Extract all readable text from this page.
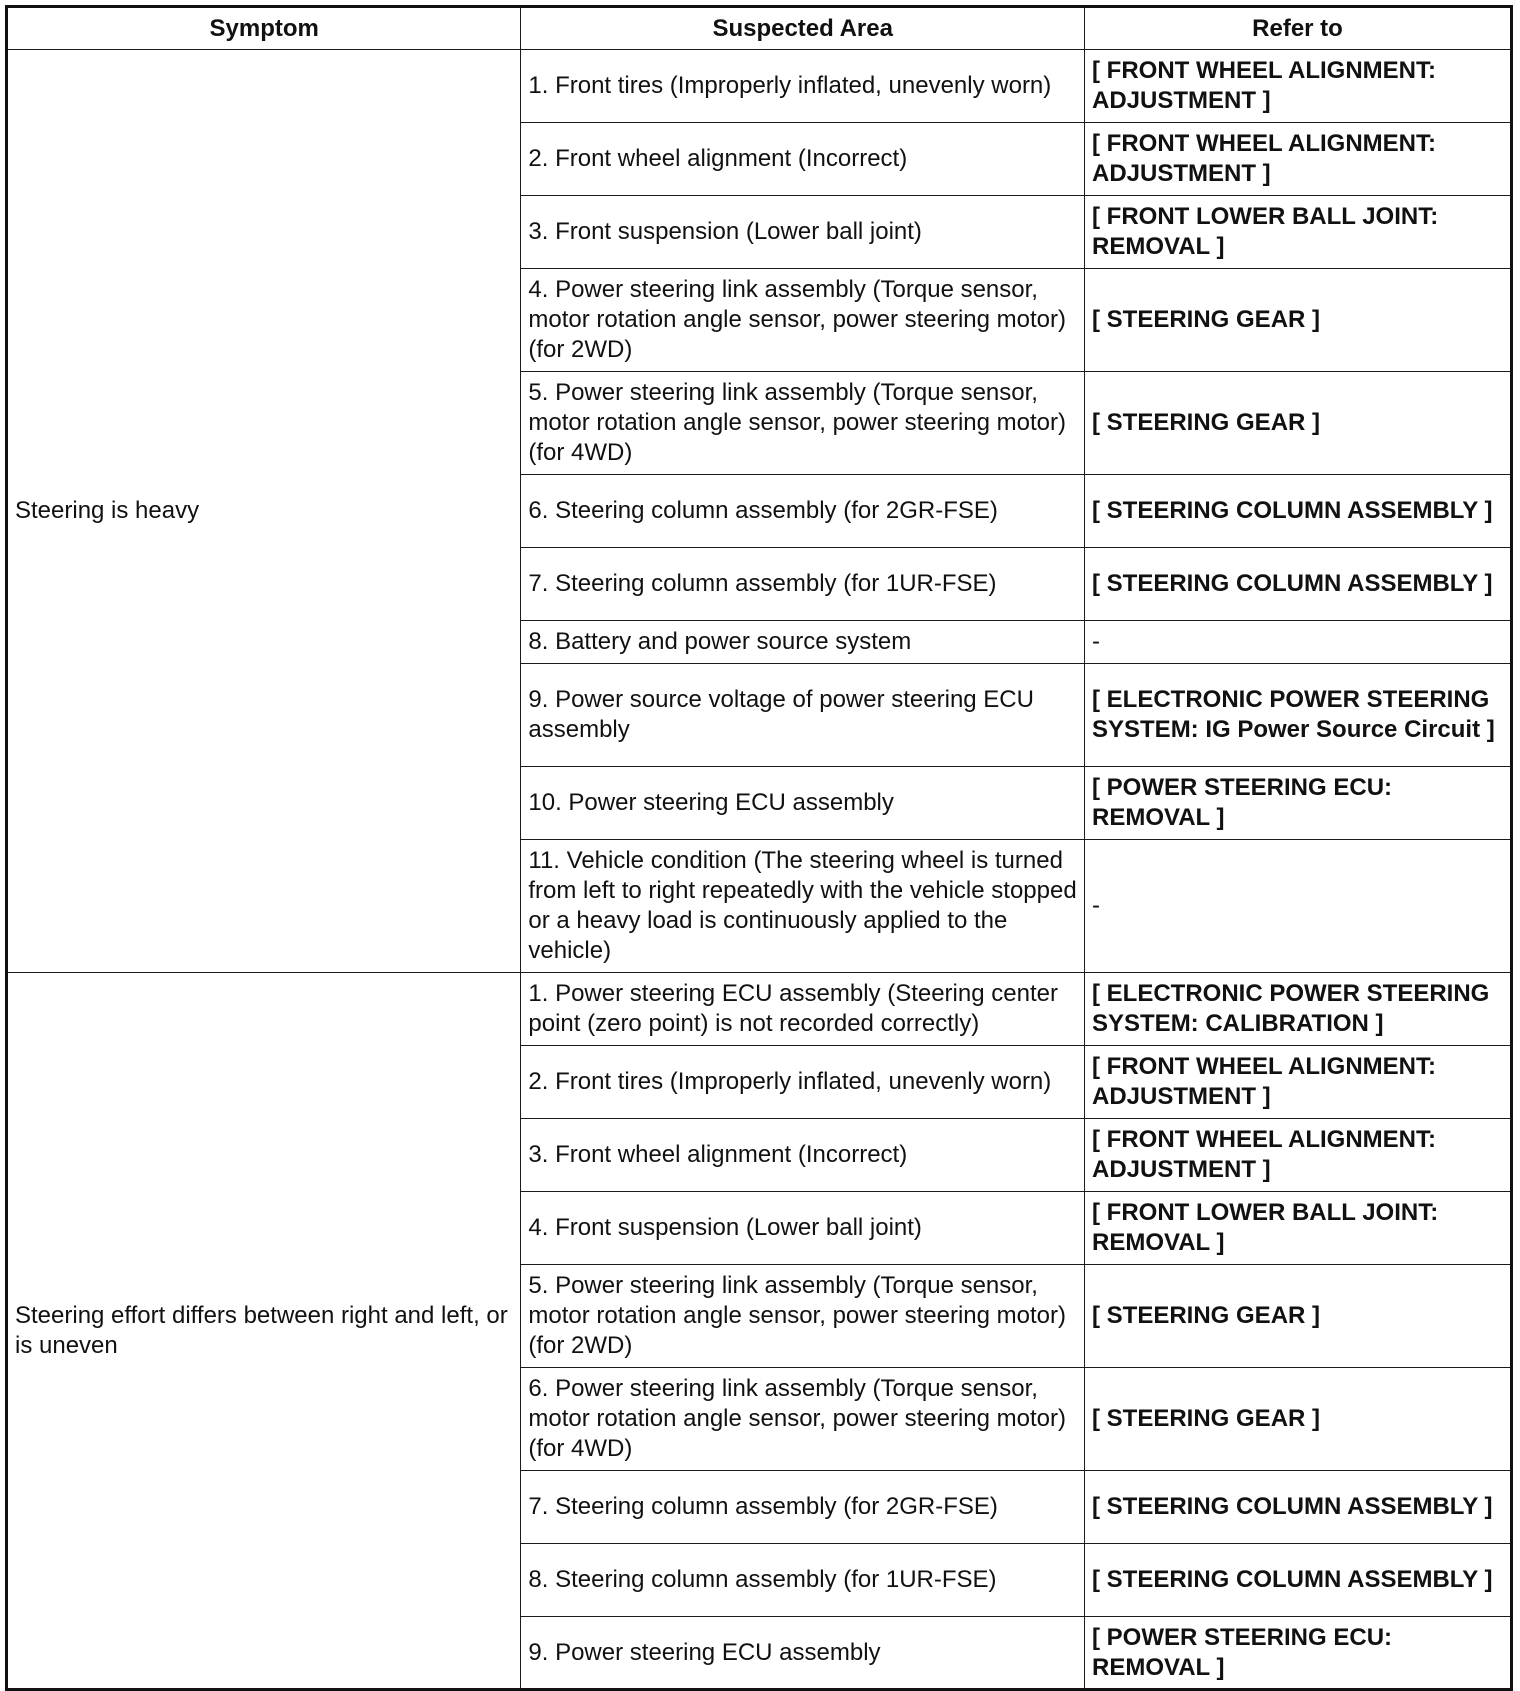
Symptom	Suspected Area	Refer to
Steering is heavy	1. Front tires (Improperly inflated, unevenly worn)	[ FRONT WHEEL ALIGNMENT: ADJUSTMENT ]
	2. Front wheel alignment (Incorrect)	[ FRONT WHEEL ALIGNMENT: ADJUSTMENT ]
	3. Front suspension (Lower ball joint)	[ FRONT LOWER BALL JOINT: REMOVAL ]
	4. Power steering link assembly (Torque sensor, motor rotation angle sensor, power steering motor) (for 2WD)	[ STEERING GEAR ]
	5. Power steering link assembly (Torque sensor, motor rotation angle sensor, power steering motor) (for 4WD)	[ STEERING GEAR ]
	6. Steering column assembly (for 2GR-FSE)	[ STEERING COLUMN ASSEMBLY ]
	7. Steering column assembly (for 1UR-FSE)	[ STEERING COLUMN ASSEMBLY ]
	8. Battery and power source system	-
	9. Power source voltage of power steering ECU assembly	[ ELECTRONIC POWER STEERING SYSTEM: IG Power Source Circuit ]
	10. Power steering ECU assembly	[ POWER STEERING ECU: REMOVAL ]
	11. Vehicle condition (The steering wheel is turned from left to right repeatedly with the vehicle stopped or a heavy load is continuously applied to the vehicle)	-
Steering effort differs between right and left, or is uneven	1. Power steering ECU assembly (Steering center point (zero point) is not recorded correctly)	[ ELECTRONIC POWER STEERING SYSTEM: CALIBRATION ]
	2. Front tires (Improperly inflated, unevenly worn)	[ FRONT WHEEL ALIGNMENT: ADJUSTMENT ]
	3. Front wheel alignment (Incorrect)	[ FRONT WHEEL ALIGNMENT: ADJUSTMENT ]
	4. Front suspension (Lower ball joint)	[ FRONT LOWER BALL JOINT: REMOVAL ]
	5. Power steering link assembly (Torque sensor, motor rotation angle sensor, power steering motor) (for 2WD)	[ STEERING GEAR ]
	6. Power steering link assembly (Torque sensor, motor rotation angle sensor, power steering motor) (for 4WD)	[ STEERING GEAR ]
	7. Steering column assembly (for 2GR-FSE)	[ STEERING COLUMN ASSEMBLY ]
	8. Steering column assembly (for 1UR-FSE)	[ STEERING COLUMN ASSEMBLY ]
	9. Power steering ECU assembly	[ POWER STEERING ECU: REMOVAL ]
